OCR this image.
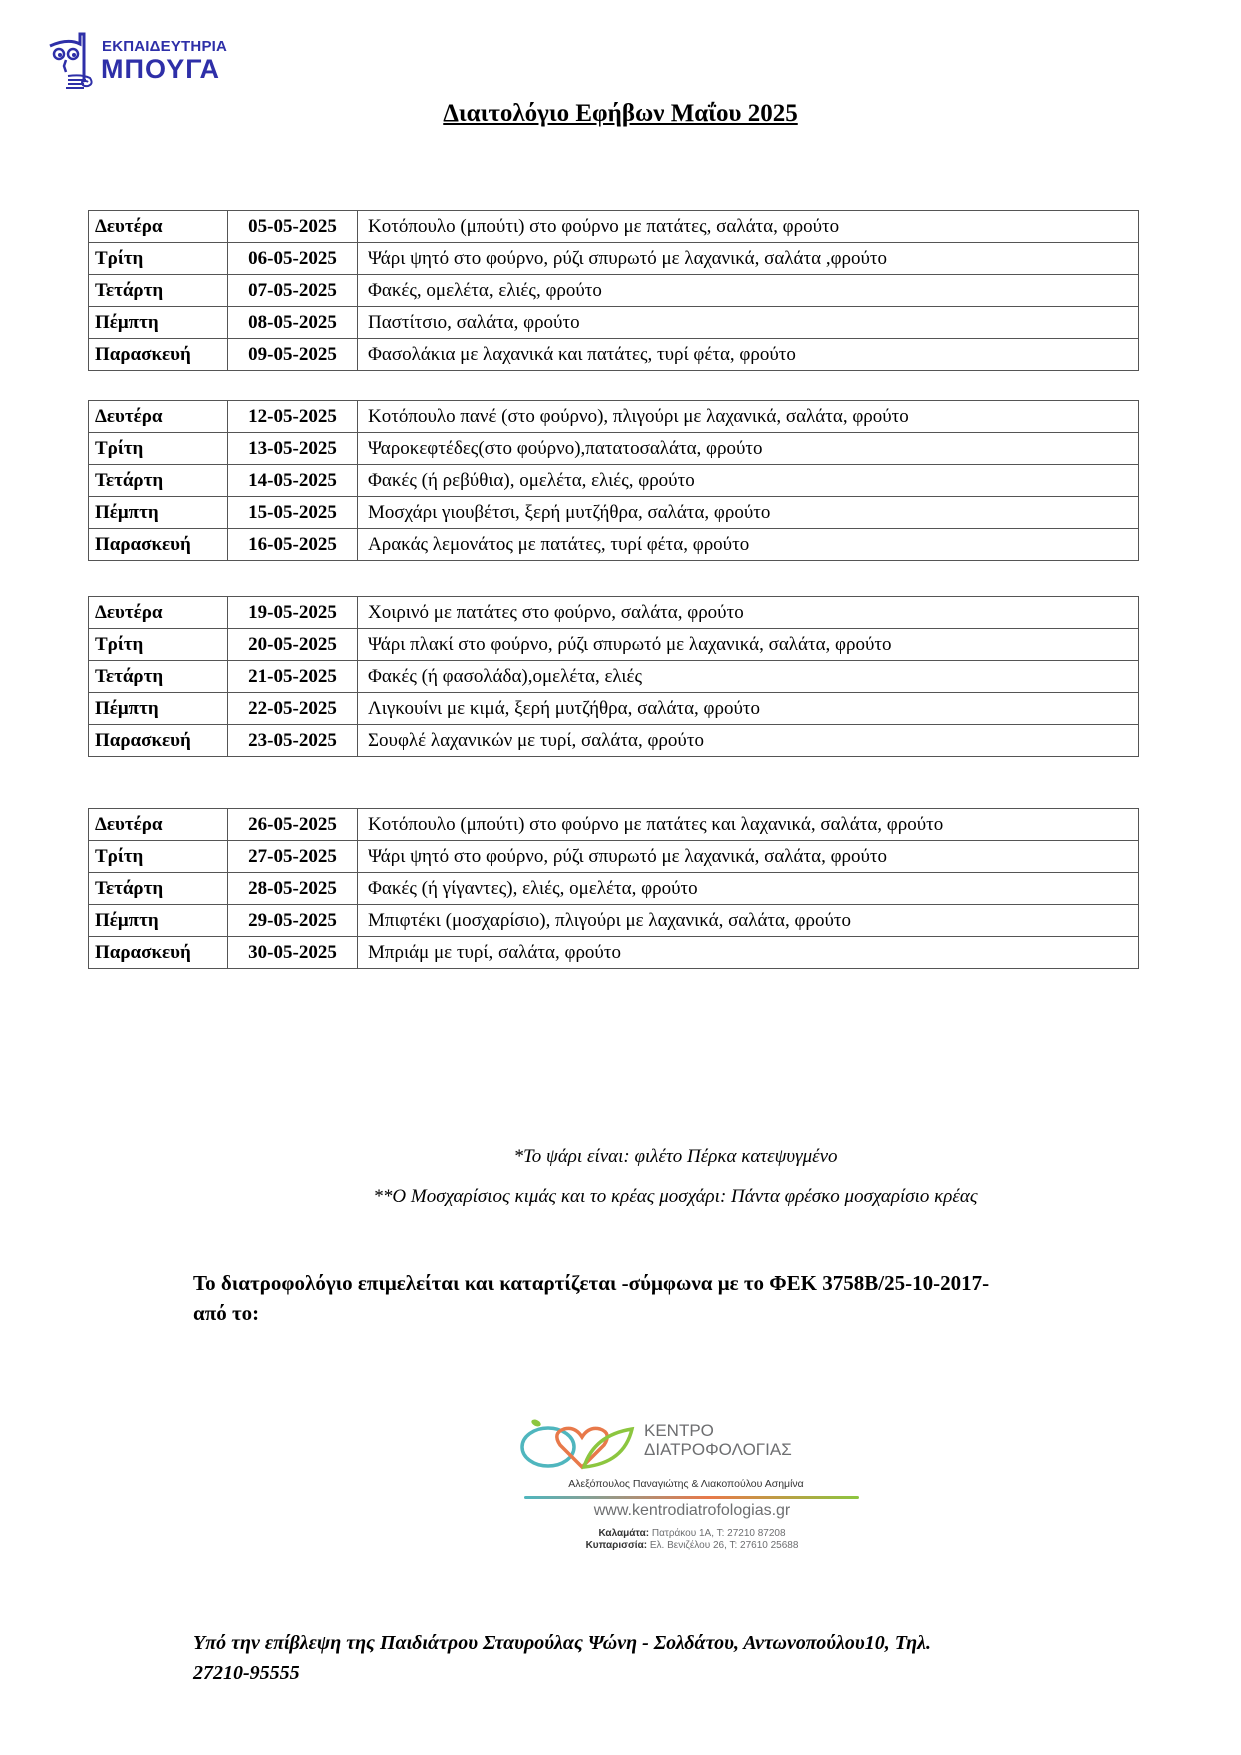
ΕΚΠΑΙΔΕΥΤΗΡΙΑ
ΜΠΟΥΓΑ
Διαιτολόγιο Εφήβων Μαΐου 2025
Δευτέρα	05-05-2025	Κοτόπουλο (μπούτι) στο φούρνο με πατάτες, σαλάτα, φρούτο
Τρίτη	06-05-2025	Ψάρι ψητό στο φούρνο, ρύζι σπυρωτό με λαχανικά, σαλάτα ,φρούτο
Τετάρτη	07-05-2025	Φακές, ομελέτα, ελιές, φρούτο
Πέμπτη	08-05-2025	Παστίτσιο, σαλάτα, φρούτο
Παρασκευή	09-05-2025	Φασολάκια με λαχανικά και πατάτες, τυρί φέτα, φρούτο
Δευτέρα	12-05-2025	Κοτόπουλο πανέ (στο φούρνο), πλιγούρι με λαχανικά, σαλάτα, φρούτο
Τρίτη	13-05-2025	Ψαροκεφτέδες(στο φούρνο),πατατοσαλάτα, φρούτο
Τετάρτη	14-05-2025	Φακές (ή ρεβύθια), ομελέτα, ελιές, φρούτο
Πέμπτη	15-05-2025	Μοσχάρι γιουβέτσι, ξερή μυτζήθρα, σαλάτα, φρούτο
Παρασκευή	16-05-2025	Αρακάς λεμονάτος με πατάτες, τυρί φέτα, φρούτο
Δευτέρα	19-05-2025	Χοιρινό με πατάτες στο φούρνο, σαλάτα, φρούτο
Τρίτη	20-05-2025	Ψάρι πλακί στο φούρνο, ρύζι σπυρωτό με λαχανικά, σαλάτα, φρούτο
Τετάρτη	21-05-2025	Φακές (ή φασολάδα),ομελέτα, ελιές
Πέμπτη	22-05-2025	Λιγκουίνι με κιμά, ξερή μυτζήθρα, σαλάτα, φρούτο
Παρασκευή	23-05-2025	Σουφλέ λαχανικών με τυρί, σαλάτα, φρούτο
Δευτέρα	26-05-2025	Κοτόπουλο (μπούτι) στο φούρνο με πατάτες και λαχανικά, σαλάτα, φρούτο
Τρίτη	27-05-2025	Ψάρι ψητό στο φούρνο, ρύζι σπυρωτό με λαχανικά, σαλάτα, φρούτο
Τετάρτη	28-05-2025	Φακές (ή γίγαντες), ελιές, ομελέτα, φρούτο
Πέμπτη	29-05-2025	Μπιφτέκι (μοσχαρίσιο), πλιγούρι με λαχανικά, σαλάτα, φρούτο
Παρασκευή	30-05-2025	Μπριάμ με τυρί, σαλάτα, φρούτο
*Το ψάρι είναι: φιλέτο Πέρκα κατεψυγμένο
**Ο Μοσχαρίσιος κιμάς και το κρέας μοσχάρι: Πάντα φρέσκο μοσχαρίσιο κρέας
Το διατροφολόγιο επιμελείται και καταρτίζεται -σύμφωνα με το ΦΕΚ 3758Β/25-10-2017-
από το:
ΚΕΝΤΡΟ
ΔΙΑΤΡΟΦΟΛΟΓΙΑΣ
Αλεξόπουλος Παναγιώτης & Λιακοπούλου Ασημίνα
www.kentrodiatrofologias.gr
Καλαμάτα: Πατράκου 1Α, Τ: 27210 87208
Κυπαρισσία: Ελ. Βενιζέλου 26, Τ: 27610 25688
Υπό την επίβλεψη της Παιδιάτρου Σταυρούλας Ψώνη - Σολδάτου, Αντωνοπούλου10, Τηλ.
27210-95555
